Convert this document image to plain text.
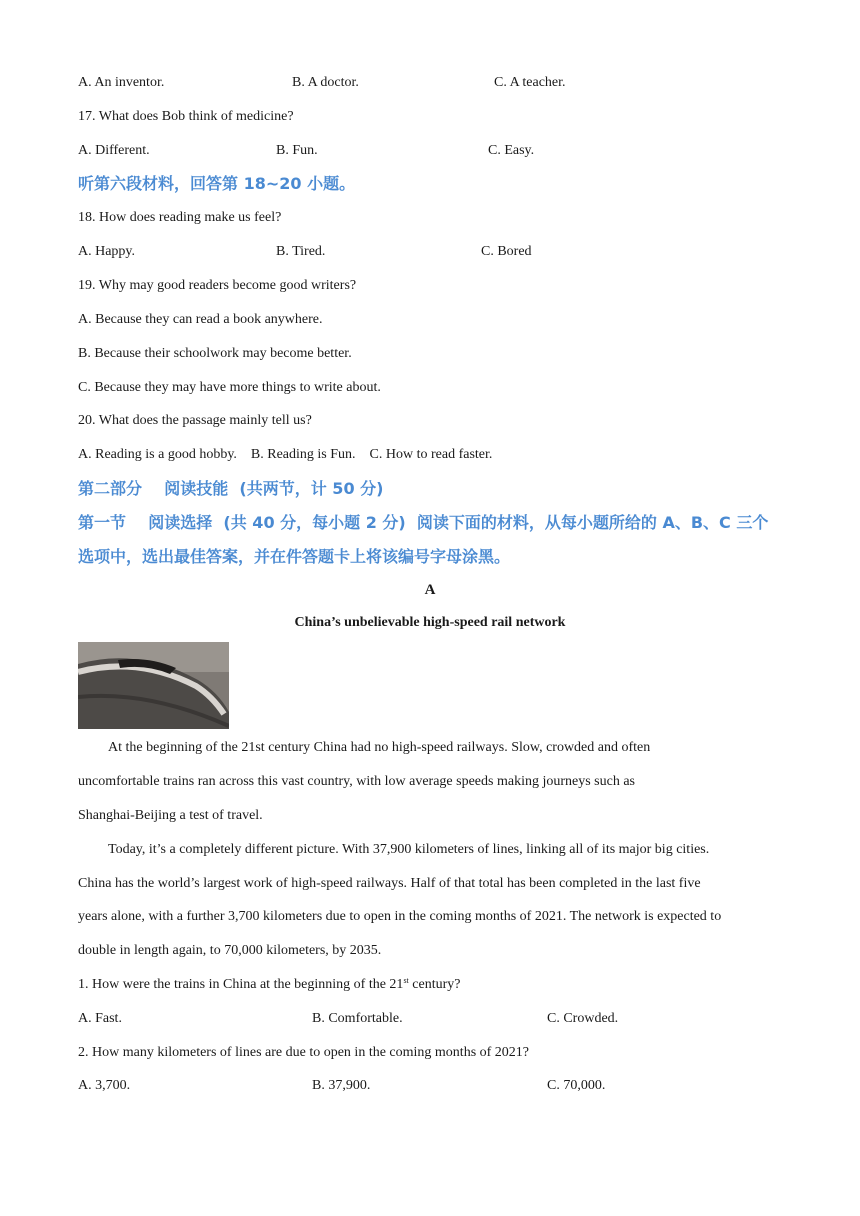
A. An inventor.	B. A doctor.	C. A teacher.
17. What does Bob think of medicine?
A. Different.	B. Fun.	C. Easy.
听第六段材料，回答第 18~20 小题。
18. How does reading make us feel?
A. Happy.	B. Tired.	C. Bored
19. Why may good readers become good writers?
A. Because they can read a book anywhere.
B. Because their schoolwork may become better.
C. Because they may have more things to write about.
20. What does the passage mainly tell us?
A. Reading is a good hobby.    B. Reading is Fun.    C. How to read faster.
第二部分    阅读技能  (共两节，计 50 分)
第一节    阅读选择  (共 40 分，每小题 2 分)  阅读下面的材料，从每小题所给的 A、B、C 三个
选项中，选出最佳答案，并在件答题卡上将该编号字母涂黑。
A
China’s unbelievable high-speed rail network
At the beginning of the 21st century China had no high-speed railways. Slow, crowded and often
uncomfortable trains ran across this vast country, with low average speeds making journeys such as
Shanghai-Beijing a test of travel.
Today, it’s a completely different picture. With 37,900 kilometers of lines, linking all of its major big cities.
China has the world’s largest work of high-speed railways. Half of that total has been completed in the last five
years alone, with a further 3,700 kilometers due to open in the coming months of 2021. The network is expected to
double in length again, to 70,000 kilometers, by 2035.
1. How were the trains in China at the beginning of the 21st century?
A. Fast.	B. Comfortable.	C. Crowded.
2. How many kilometers of lines are due to open in the coming months of 2021?
A. 3,700.	B. 37,900.	C. 70,000.
